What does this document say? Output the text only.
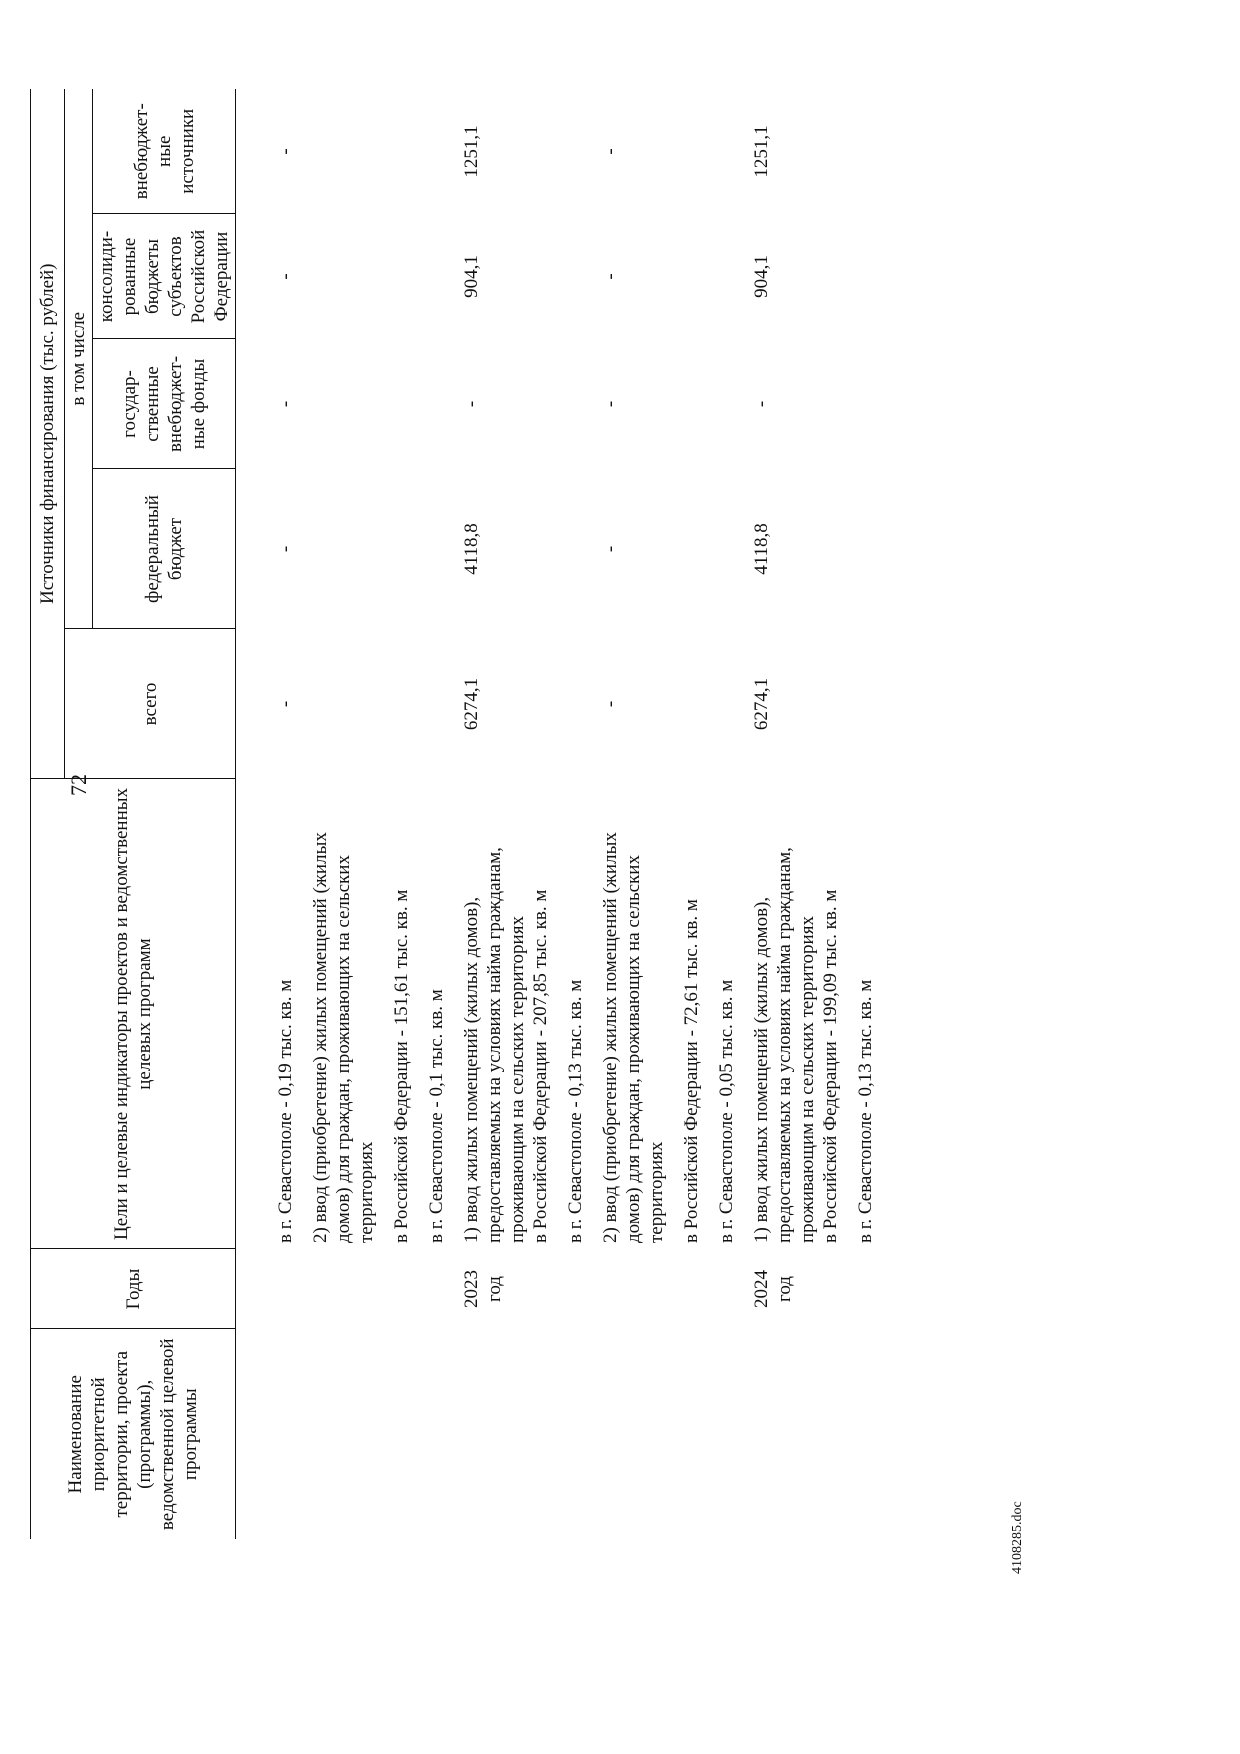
72
Наименование приоритетной территории, проекта (программы), ведомственной целевой программы	Годы	Цели и целевые индикаторы проектов и ведомственных целевых программ	Источники финансирования (тыс. рублей)				
			всего	в том числе			
				федеральный бюджет	государ-ственные внебюджет-ные фонды	консолиди-рованные бюджеты субъектов Российской Федерации	внебюджет-ные источники

		в г. Севастополе - 0,19 тыс. кв. м 2) ввод (приобретение) жилых помещений (жилых домов) для граждан, проживающих на сельских территориях в Российской Федерации - 151,61 тыс. кв. м в г. Севастополе - 0,1 тыс. кв. м	-	-	-	-	-
	2023 год	1) ввод жилых помещений (жилых домов), предоставляемых на условиях найма гражданам, проживающим на сельских территориях в Российской Федерации - 207,85 тыс. кв. м в г. Севастополе - 0,13 тыс. кв. м	6274,1	4118,8	-	904,1	1251,1

		2) ввод (приобретение) жилых помещений (жилых домов) для граждан, проживающих на сельских территориях в Российской Федерации - 72,61 тыс. кв. м в г. Севастополе - 0,05 тыс. кв. м	-	-	-	-	-
	2024 год	1) ввод жилых помещений (жилых домов), предоставляемых на условиях найма гражданам, проживающим на сельских территориях в Российской Федерации - 199,09 тыс. кв. м в г. Севастополе - 0,13 тыс. кв. м	6274,1	4118,8	-	904,1	1251,1
4108285.doc
